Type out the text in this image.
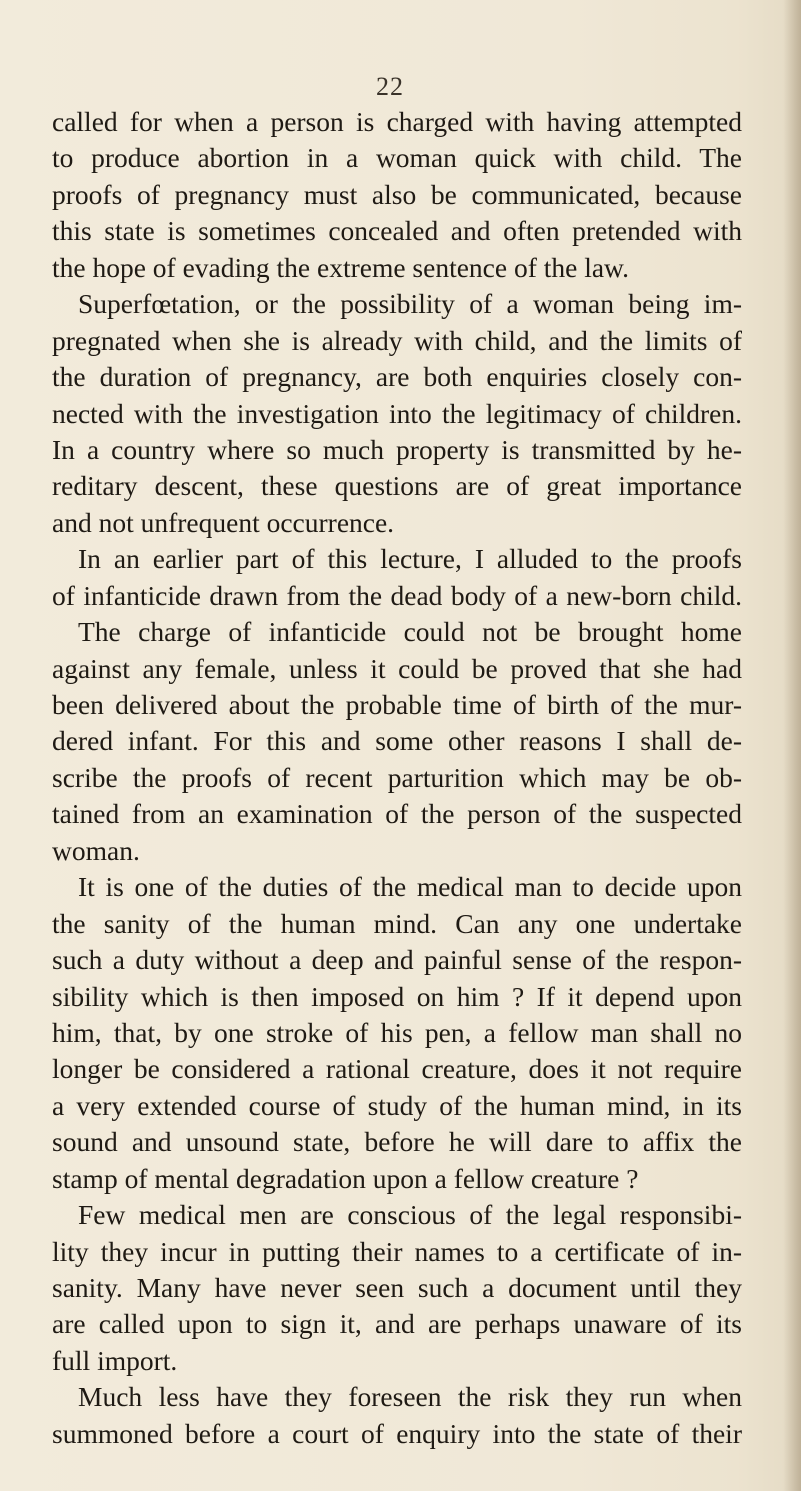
22
called for when a person is charged with having attempted
to produce abortion in a woman quick with child. The
proofs of pregnancy must also be communicated, because
this state is sometimes concealed and often pretended with
the hope of evading the extreme sentence of the law.
Superfœtation, or the possibility of a woman being im-
pregnated when she is already with child, and the limits of
the duration of pregnancy, are both enquiries closely con-
nected with the investigation into the legitimacy of children.
In a country where so much property is transmitted by he-
reditary descent, these questions are of great importance
and not unfrequent occurrence.
In an earlier part of this lecture, I alluded to the proofs
of infanticide drawn from the dead body of a new-born child.
The charge of infanticide could not be brought home
against any female, unless it could be proved that she had
been delivered about the probable time of birth of the mur-
dered infant. For this and some other reasons I shall de-
scribe the proofs of recent parturition which may be ob-
tained from an examination of the person of the suspected
woman.
It is one of the duties of the medical man to decide upon
the sanity of the human mind. Can any one undertake
such a duty without a deep and painful sense of the respon-
sibility which is then imposed on him ? If it depend upon
him, that, by one stroke of his pen, a fellow man shall no
longer be considered a rational creature, does it not require
a very extended course of study of the human mind, in its
sound and unsound state, before he will dare to affix the
stamp of mental degradation upon a fellow creature ?
Few medical men are conscious of the legal responsibi-
lity they incur in putting their names to a certificate of in-
sanity. Many have never seen such a document until they
are called upon to sign it, and are perhaps unaware of its
full import.
Much less have they foreseen the risk they run when
summoned before a court of enquiry into the state of their
